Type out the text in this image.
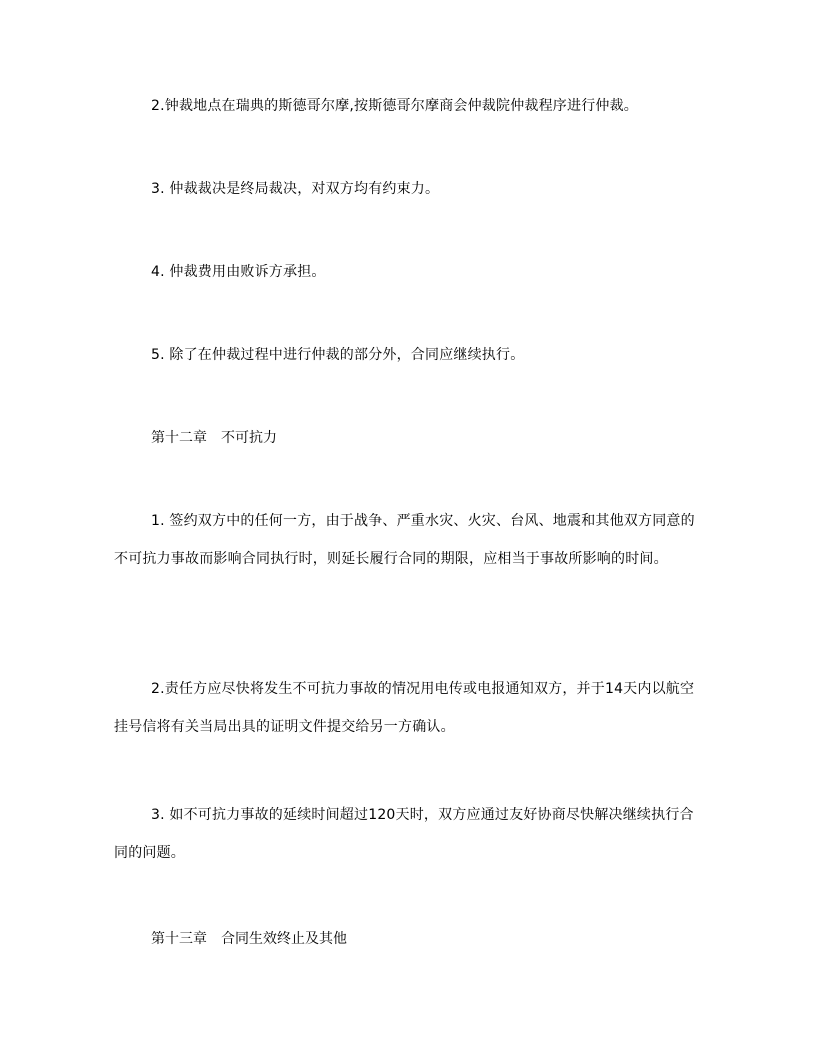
2.钟裁地点在瑞典的斯德哥尔摩,按斯德哥尔摩商会仲裁院仲裁程序进行仲裁。

3. 仲裁裁决是终局裁决，对双方均有约束力。

4. 仲裁费用由败诉方承担。

5. 除了在仲裁过程中进行仲裁的部分外，合同应继续执行。

第十二章　不可抗力

1. 签约双方中的任何一方，由于战争、严重水灾、火灾、台风、地震和其他双方同意的不可抗力事故而影响合同执行时，则延长履行合同的期限，应相当于事故所影响的时间。

2.责任方应尽快将发生不可抗力事故的情况用电传或电报通知双方，并于14天内以航空挂号信将有关当局出具的证明文件提交给另一方确认。

3. 如不可抗力事故的延续时间超过120天时，双方应通过友好协商尽快解决继续执行合同的问题。

第十三章　合同生效终止及其他
